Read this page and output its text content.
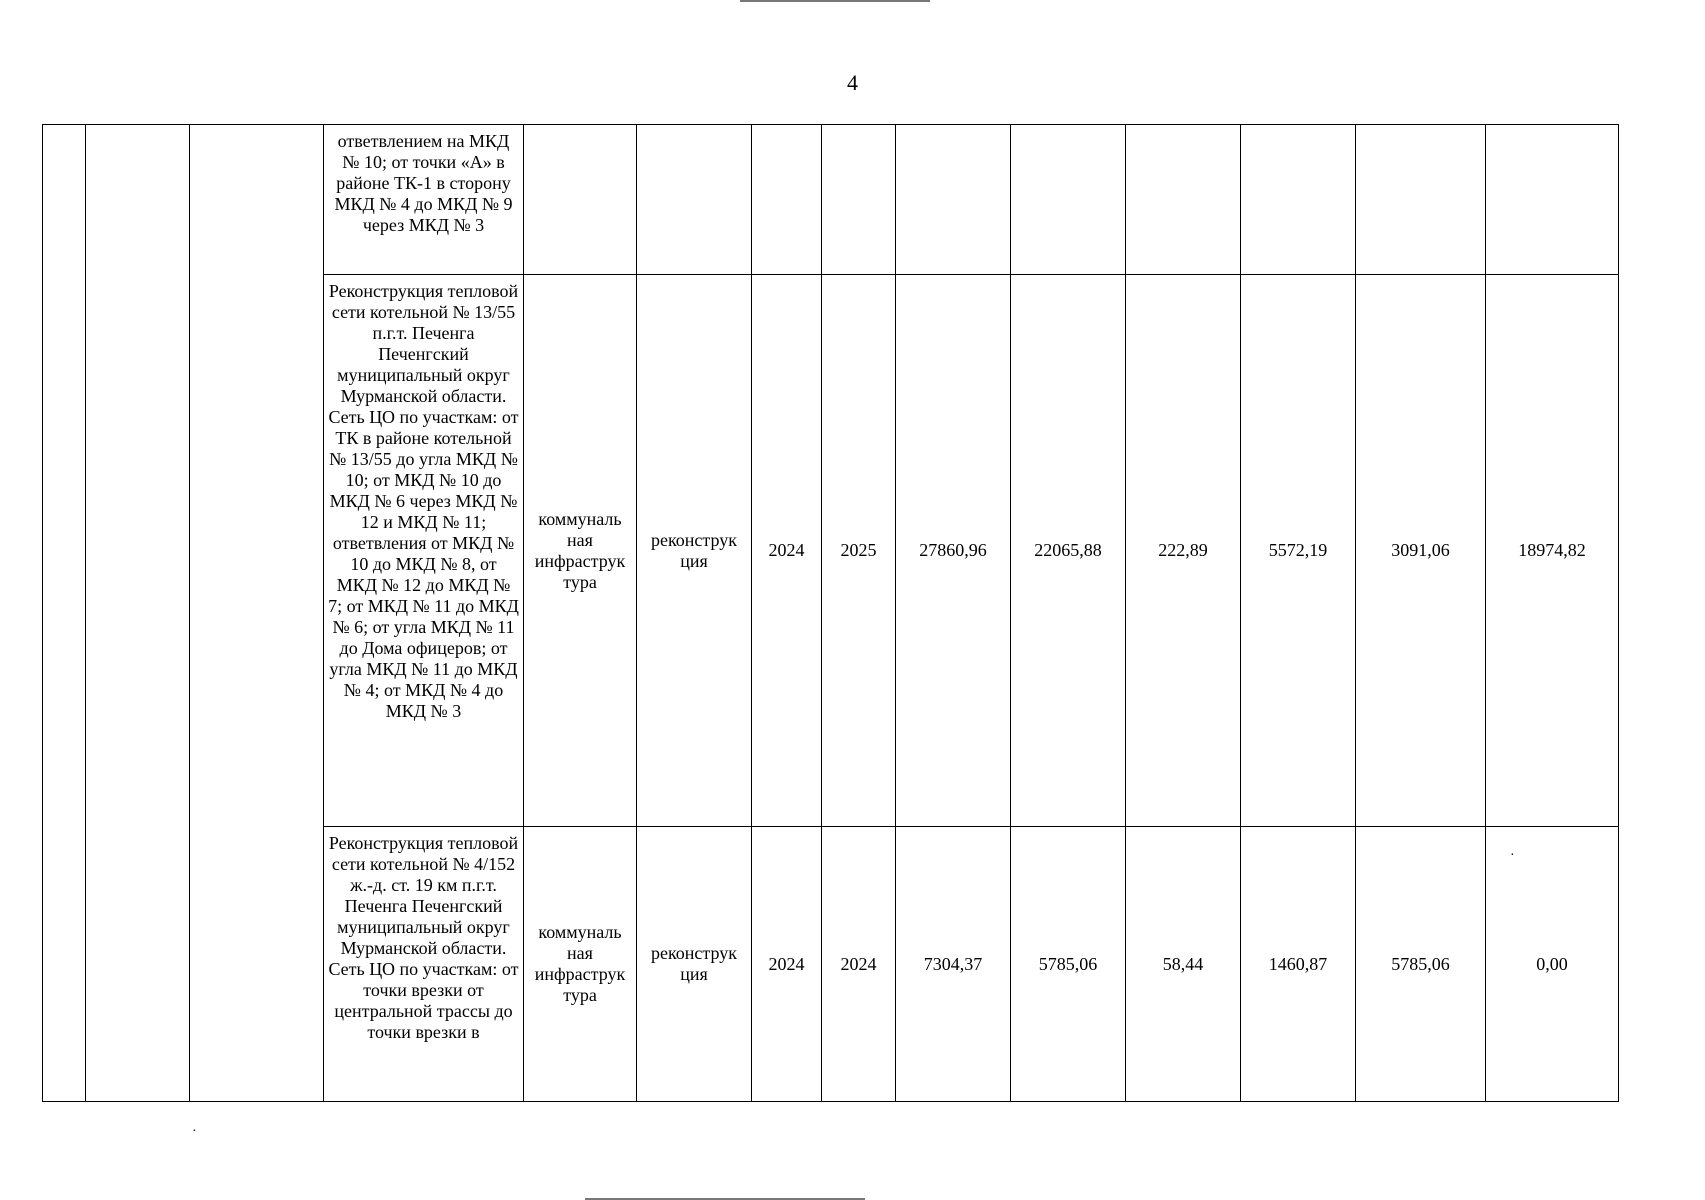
4
			ответвлением на МКД № 10; от точки «А» в районе ТК-1 в сторону МКД № 4 до МКД № 9 через МКД № 3										
			Реконструкция тепловой сети котельной № 13/55 п.г.т. Печенга Печенгский муниципальный округ Мурманской области. Сеть ЦО по участкам: от ТК в районе котельной № 13/55 до угла МКД № 10; от МКД № 10 до МКД № 6 через МКД № 12 и МКД № 11; ответвления от МКД № 10 до МКД № 8, от МКД № 12 до МКД № 7; от МКД № 11 до МКД № 6; от угла МКД № 11 до Дома офицеров; от угла МКД № 11 до МКД № 4; от МКД № 4 до МКД № 3	коммуналь ная инфраструк тура	реконструк ция	2024	2025	27860,96	22065,88	222,89	5572,19	3091,06	18974,82
			Реконструкция тепловой сети котельной № 4/152 ж.-д. ст. 19 км п.г.т. Печенга Печенгский муниципальный округ Мурманской области. Сеть ЦО по участкам: от точки врезки от центральной трассы до точки врезки в	коммуналь ная инфраструк тура	реконструк ция	2024	2024	7304,37	5785,06	58,44	1460,87	5785,06	0,00
·
·
